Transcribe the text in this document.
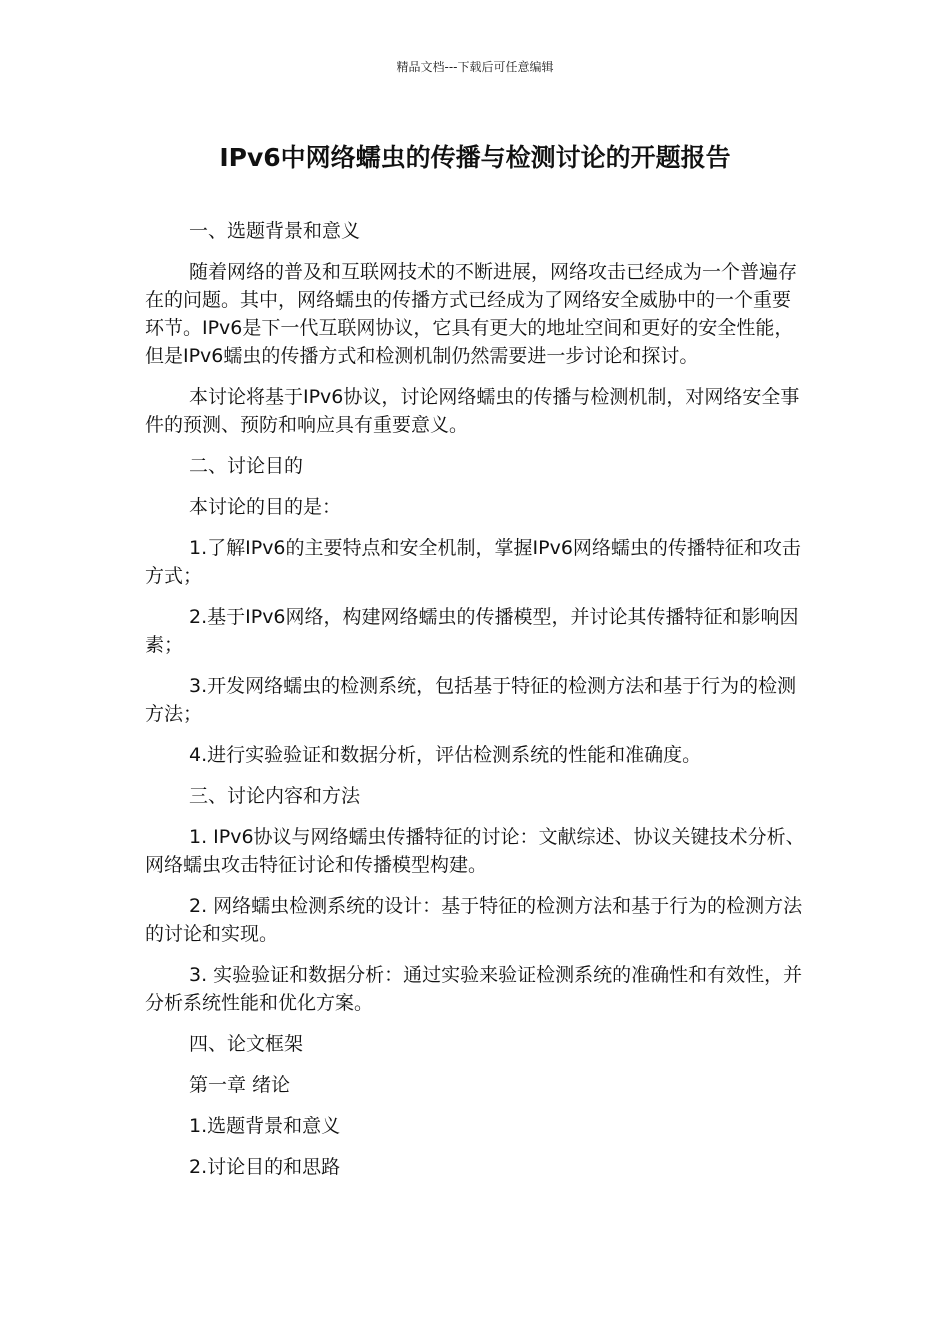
精品文档---下载后可任意编辑
IPv6中网络蠕虫的传播与检测讨论的开题报告

一、选题背景和意义

随着网络的普及和互联网技术的不断进展，网络攻击已经成为一个普遍存在的问题。其中，网络蠕虫的传播方式已经成为了网络安全威胁中的一个重要环节。IPv6是下一代互联网协议，它具有更大的地址空间和更好的安全性能，但是IPv6蠕虫的传播方式和检测机制仍然需要进一步讨论和探讨。

本讨论将基于IPv6协议，讨论网络蠕虫的传播与检测机制，对网络安全事件的预测、预防和响应具有重要意义。

二、讨论目的

本讨论的目的是：

1.了解IPv6的主要特点和安全机制，掌握IPv6网络蠕虫的传播特征和攻击方式；

2.基于IPv6网络，构建网络蠕虫的传播模型，并讨论其传播特征和影响因素；

3.开发网络蠕虫的检测系统，包括基于特征的检测方法和基于行为的检测方法；

4.进行实验验证和数据分析，评估检测系统的性能和准确度。

三、讨论内容和方法

1. IPv6协议与网络蠕虫传播特征的讨论：文献综述、协议关键技术分析、网络蠕虫攻击特征讨论和传播模型构建。

2. 网络蠕虫检测系统的设计：基于特征的检测方法和基于行为的检测方法的讨论和实现。

3. 实验验证和数据分析：通过实验来验证检测系统的准确性和有效性，并分析系统性能和优化方案。

四、论文框架

第一章 绪论

1.选题背景和意义

2.讨论目的和思路
